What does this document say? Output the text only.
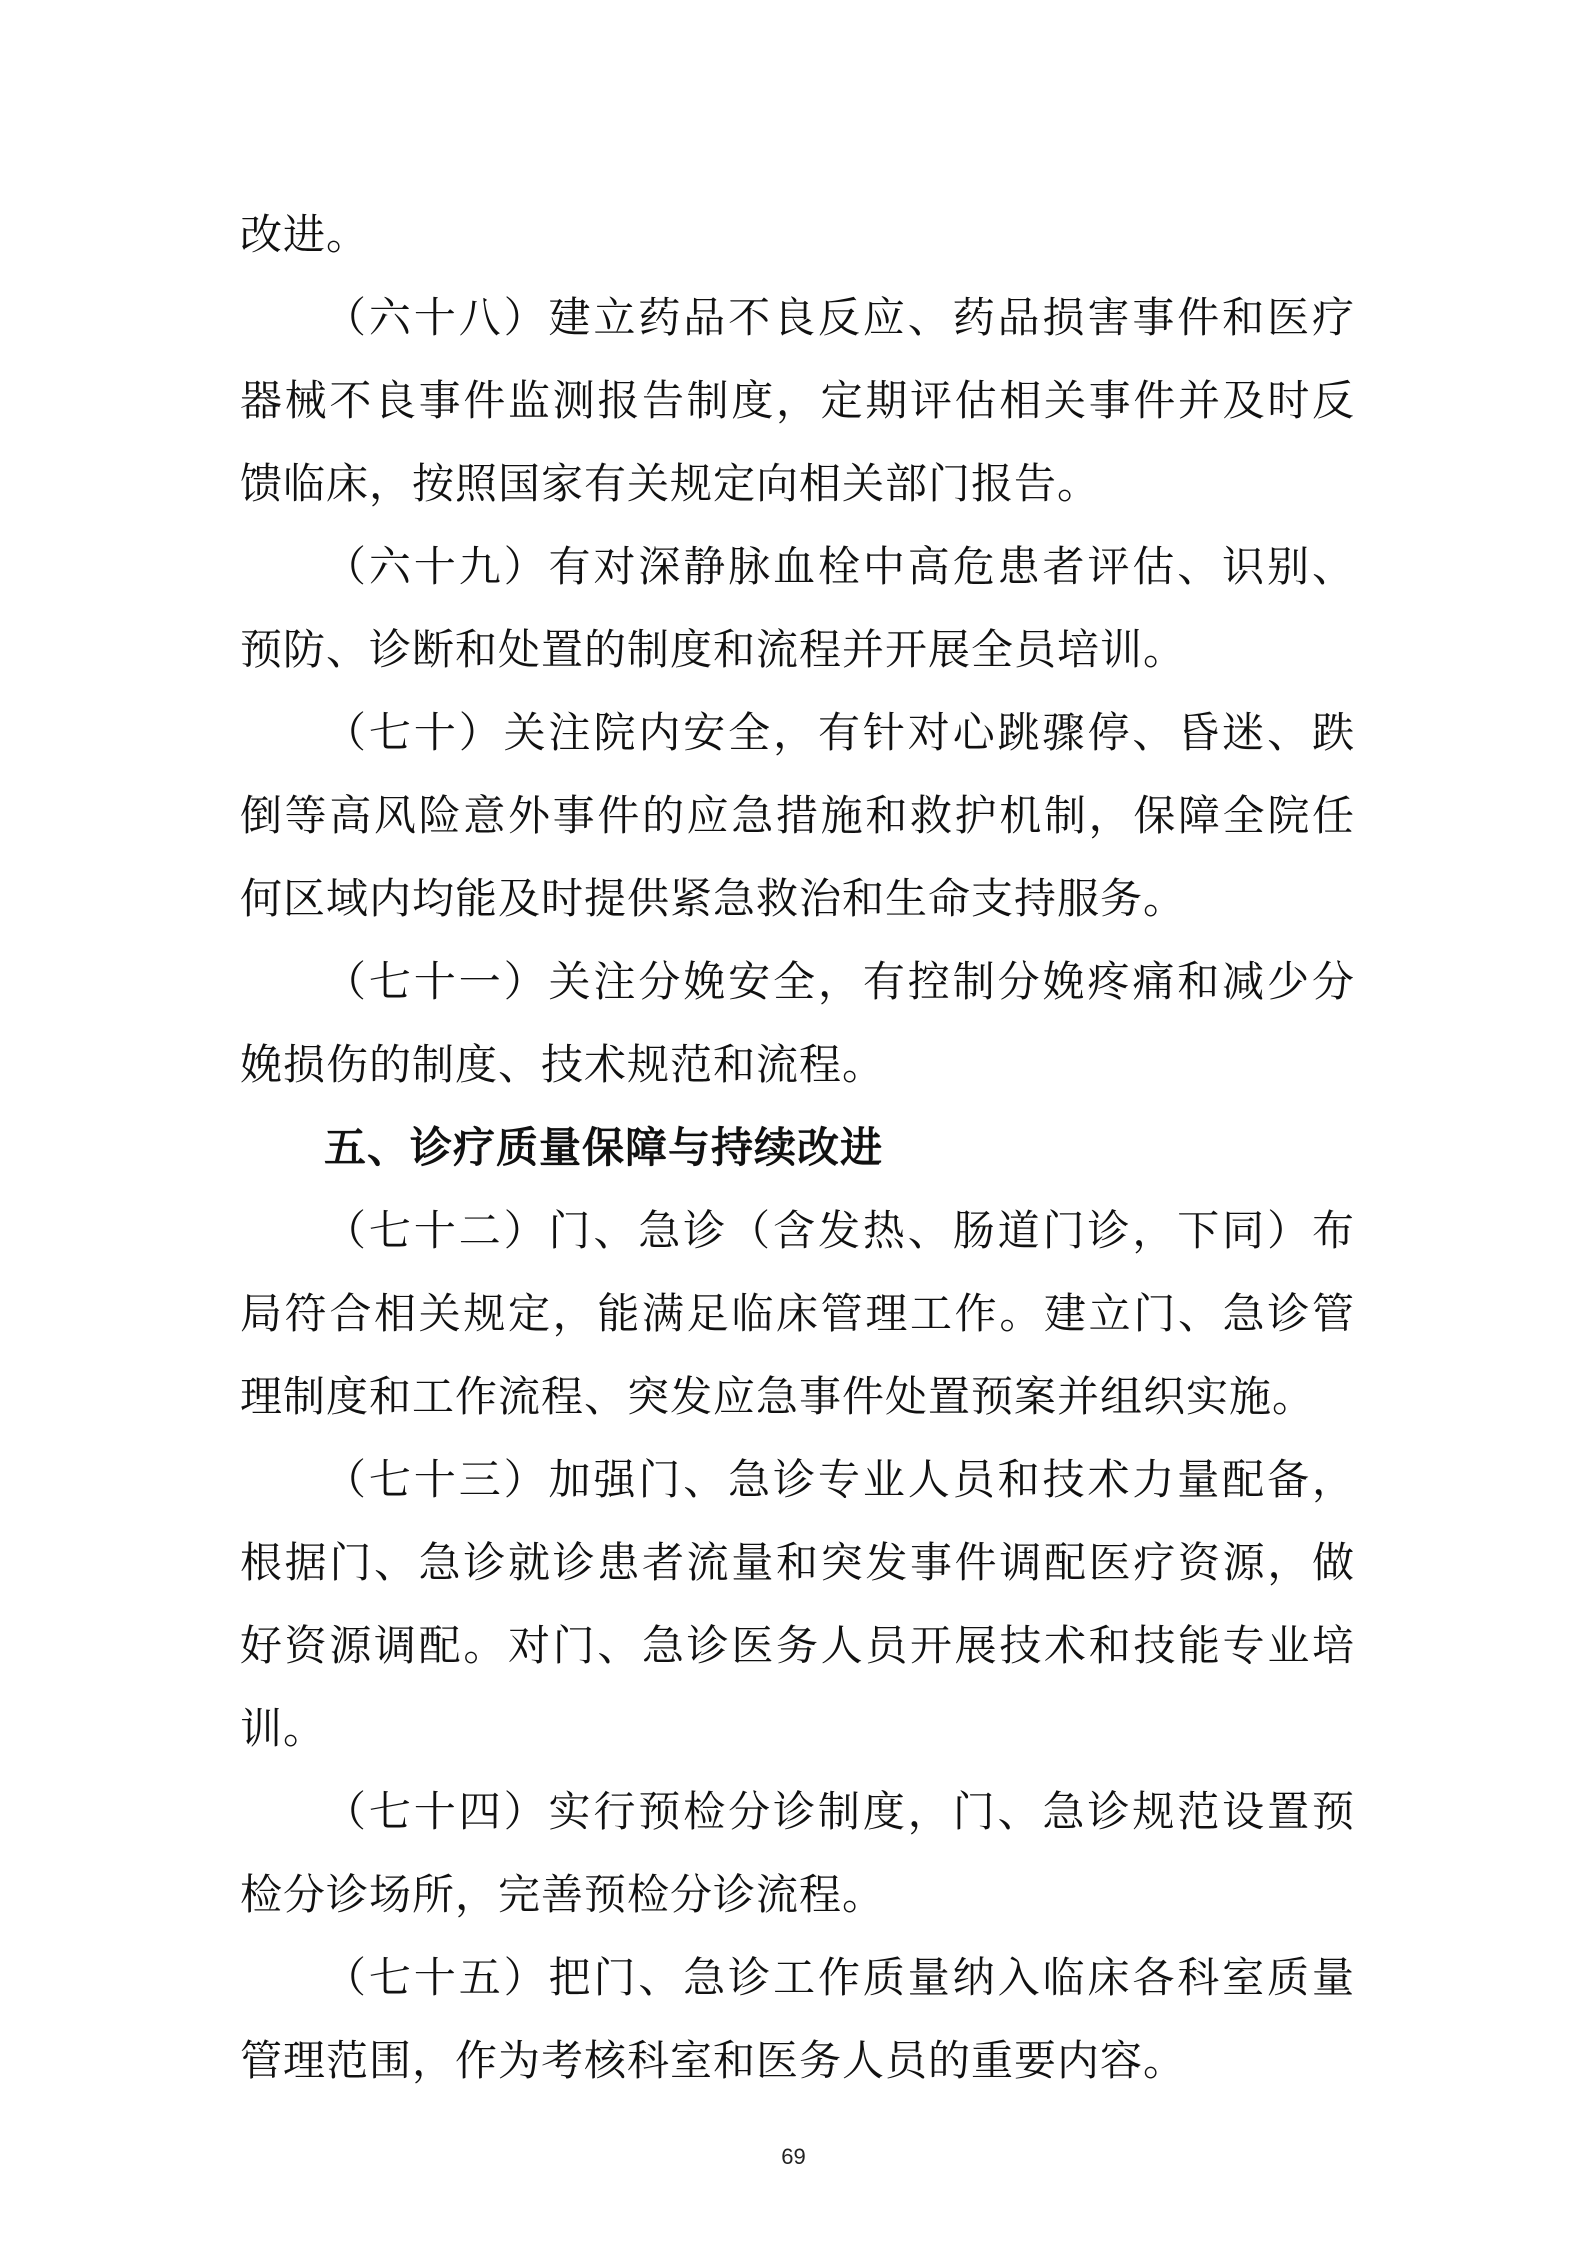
改进。

（六十八）建立药品不良反应、药品损害事件和医疗器械不良事件监测报告制度，定期评估相关事件并及时反馈临床，按照国家有关规定向相关部门报告。

（六十九）有对深静脉血栓中高危患者评估、识别、预防、诊断和处置的制度和流程并开展全员培训。

（七十）关注院内安全，有针对心跳骤停、昏迷、跌倒等高风险意外事件的应急措施和救护机制，保障全院任何区域内均能及时提供紧急救治和生命支持服务。

（七十一）关注分娩安全，有控制分娩疼痛和减少分娩损伤的制度、技术规范和流程。

五、诊疗质量保障与持续改进

（七十二）门、急诊（含发热、肠道门诊，下同）布局符合相关规定，能满足临床管理工作。建立门、急诊管理制度和工作流程、突发应急事件处置预案并组织实施。

（七十三）加强门、急诊专业人员和技术力量配备，根据门、急诊就诊患者流量和突发事件调配医疗资源，做好资源调配。对门、急诊医务人员开展技术和技能专业培训。

（七十四）实行预检分诊制度，门、急诊规范设置预检分诊场所，完善预检分诊流程。

（七十五）把门、急诊工作质量纳入临床各科室质量管理范围，作为考核科室和医务人员的重要内容。

69
